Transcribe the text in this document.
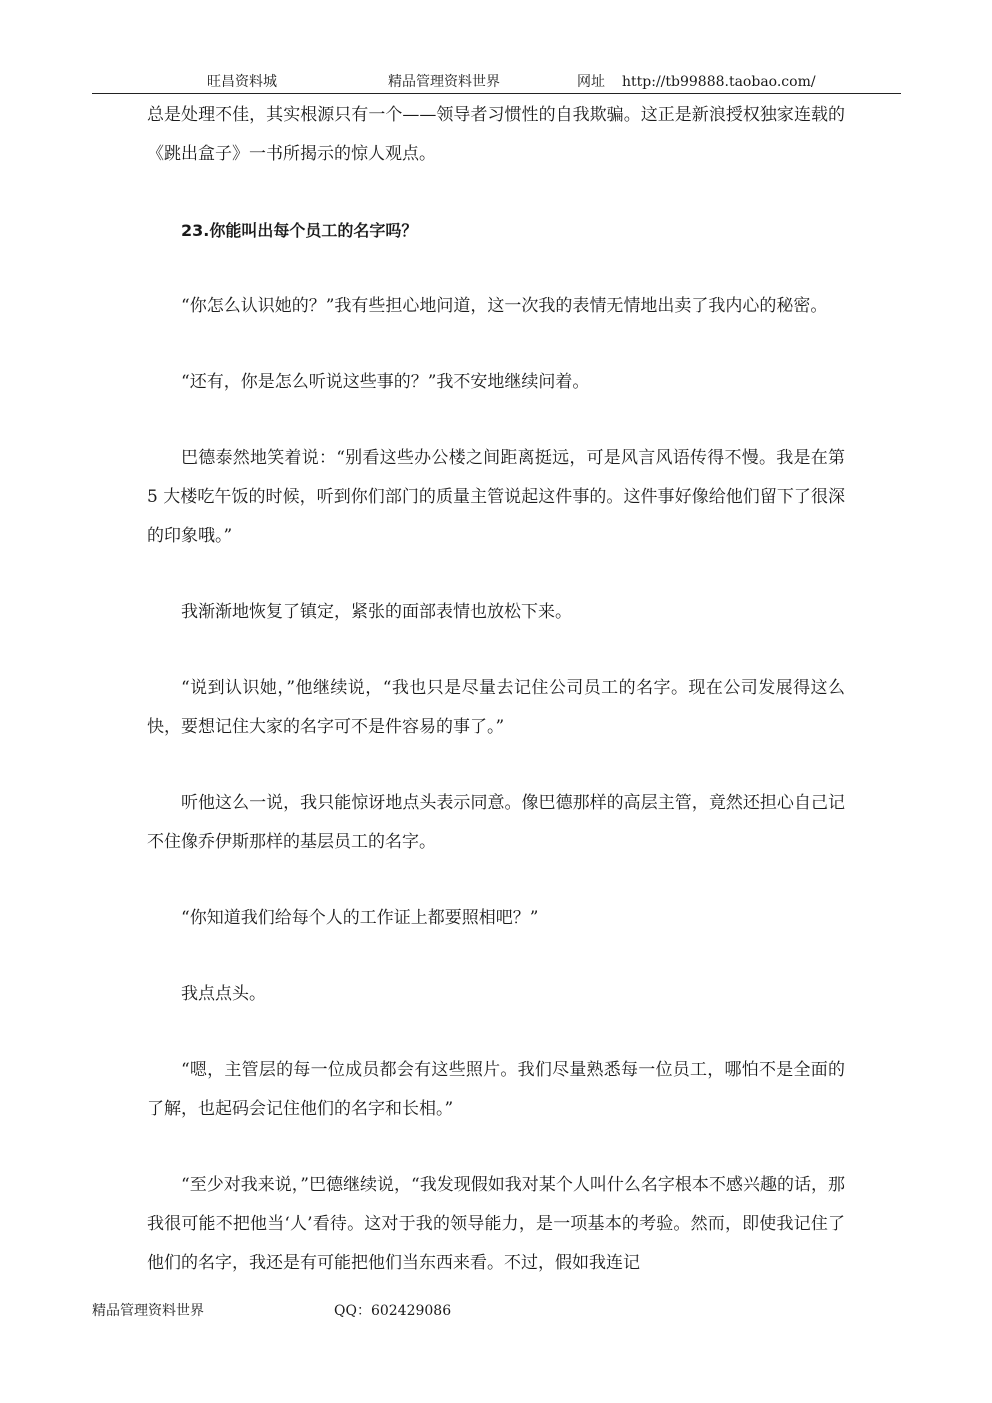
旺昌资料城	精品管理资料世界	网址 http://tb99888.taobao.com/

总是处理不佳，其实根源只有一个——领导者习惯性的自我欺骗。这正是新浪授权独家连载的《跳出盒子》一书所揭示的惊人观点。

23.你能叫出每个员工的名字吗？

“你怎么认识她的？”我有些担心地问道，这一次我的表情无情地出卖了我内心的秘密。

“还有，你是怎么听说这些事的？”我不安地继续问着。

巴德泰然地笑着说：“别看这些办公楼之间距离挺远，可是风言风语传得不慢。我是在第 5 大楼吃午饭的时候，听到你们部门的质量主管说起这件事的。这件事好像给他们留下了很深的印象哦。”

我渐渐地恢复了镇定，紧张的面部表情也放松下来。

“说到认识她，”他继续说，“我也只是尽量去记住公司员工的名字。现在公司发展得这么快，要想记住大家的名字可不是件容易的事了。”

听他这么一说，我只能惊讶地点头表示同意。像巴德那样的高层主管，竟然还担心自己记不住像乔伊斯那样的基层员工的名字。

“你知道我们给每个人的工作证上都要照相吧？”

我点点头。

“嗯，主管层的每一位成员都会有这些照片。我们尽量熟悉每一位员工，哪怕不是全面的了解，也起码会记住他们的名字和长相。”

“至少对我来说，”巴德继续说，“我发现假如我对某个人叫什么名字根本不感兴趣的话，那我很可能不把他当‘人’看待。这对于我的领导能力，是一项基本的考验。然而，即使我记住了他们的名字，我还是有可能把他们当东西来看。不过，假如我连记

精品管理资料世界	QQ：602429086
